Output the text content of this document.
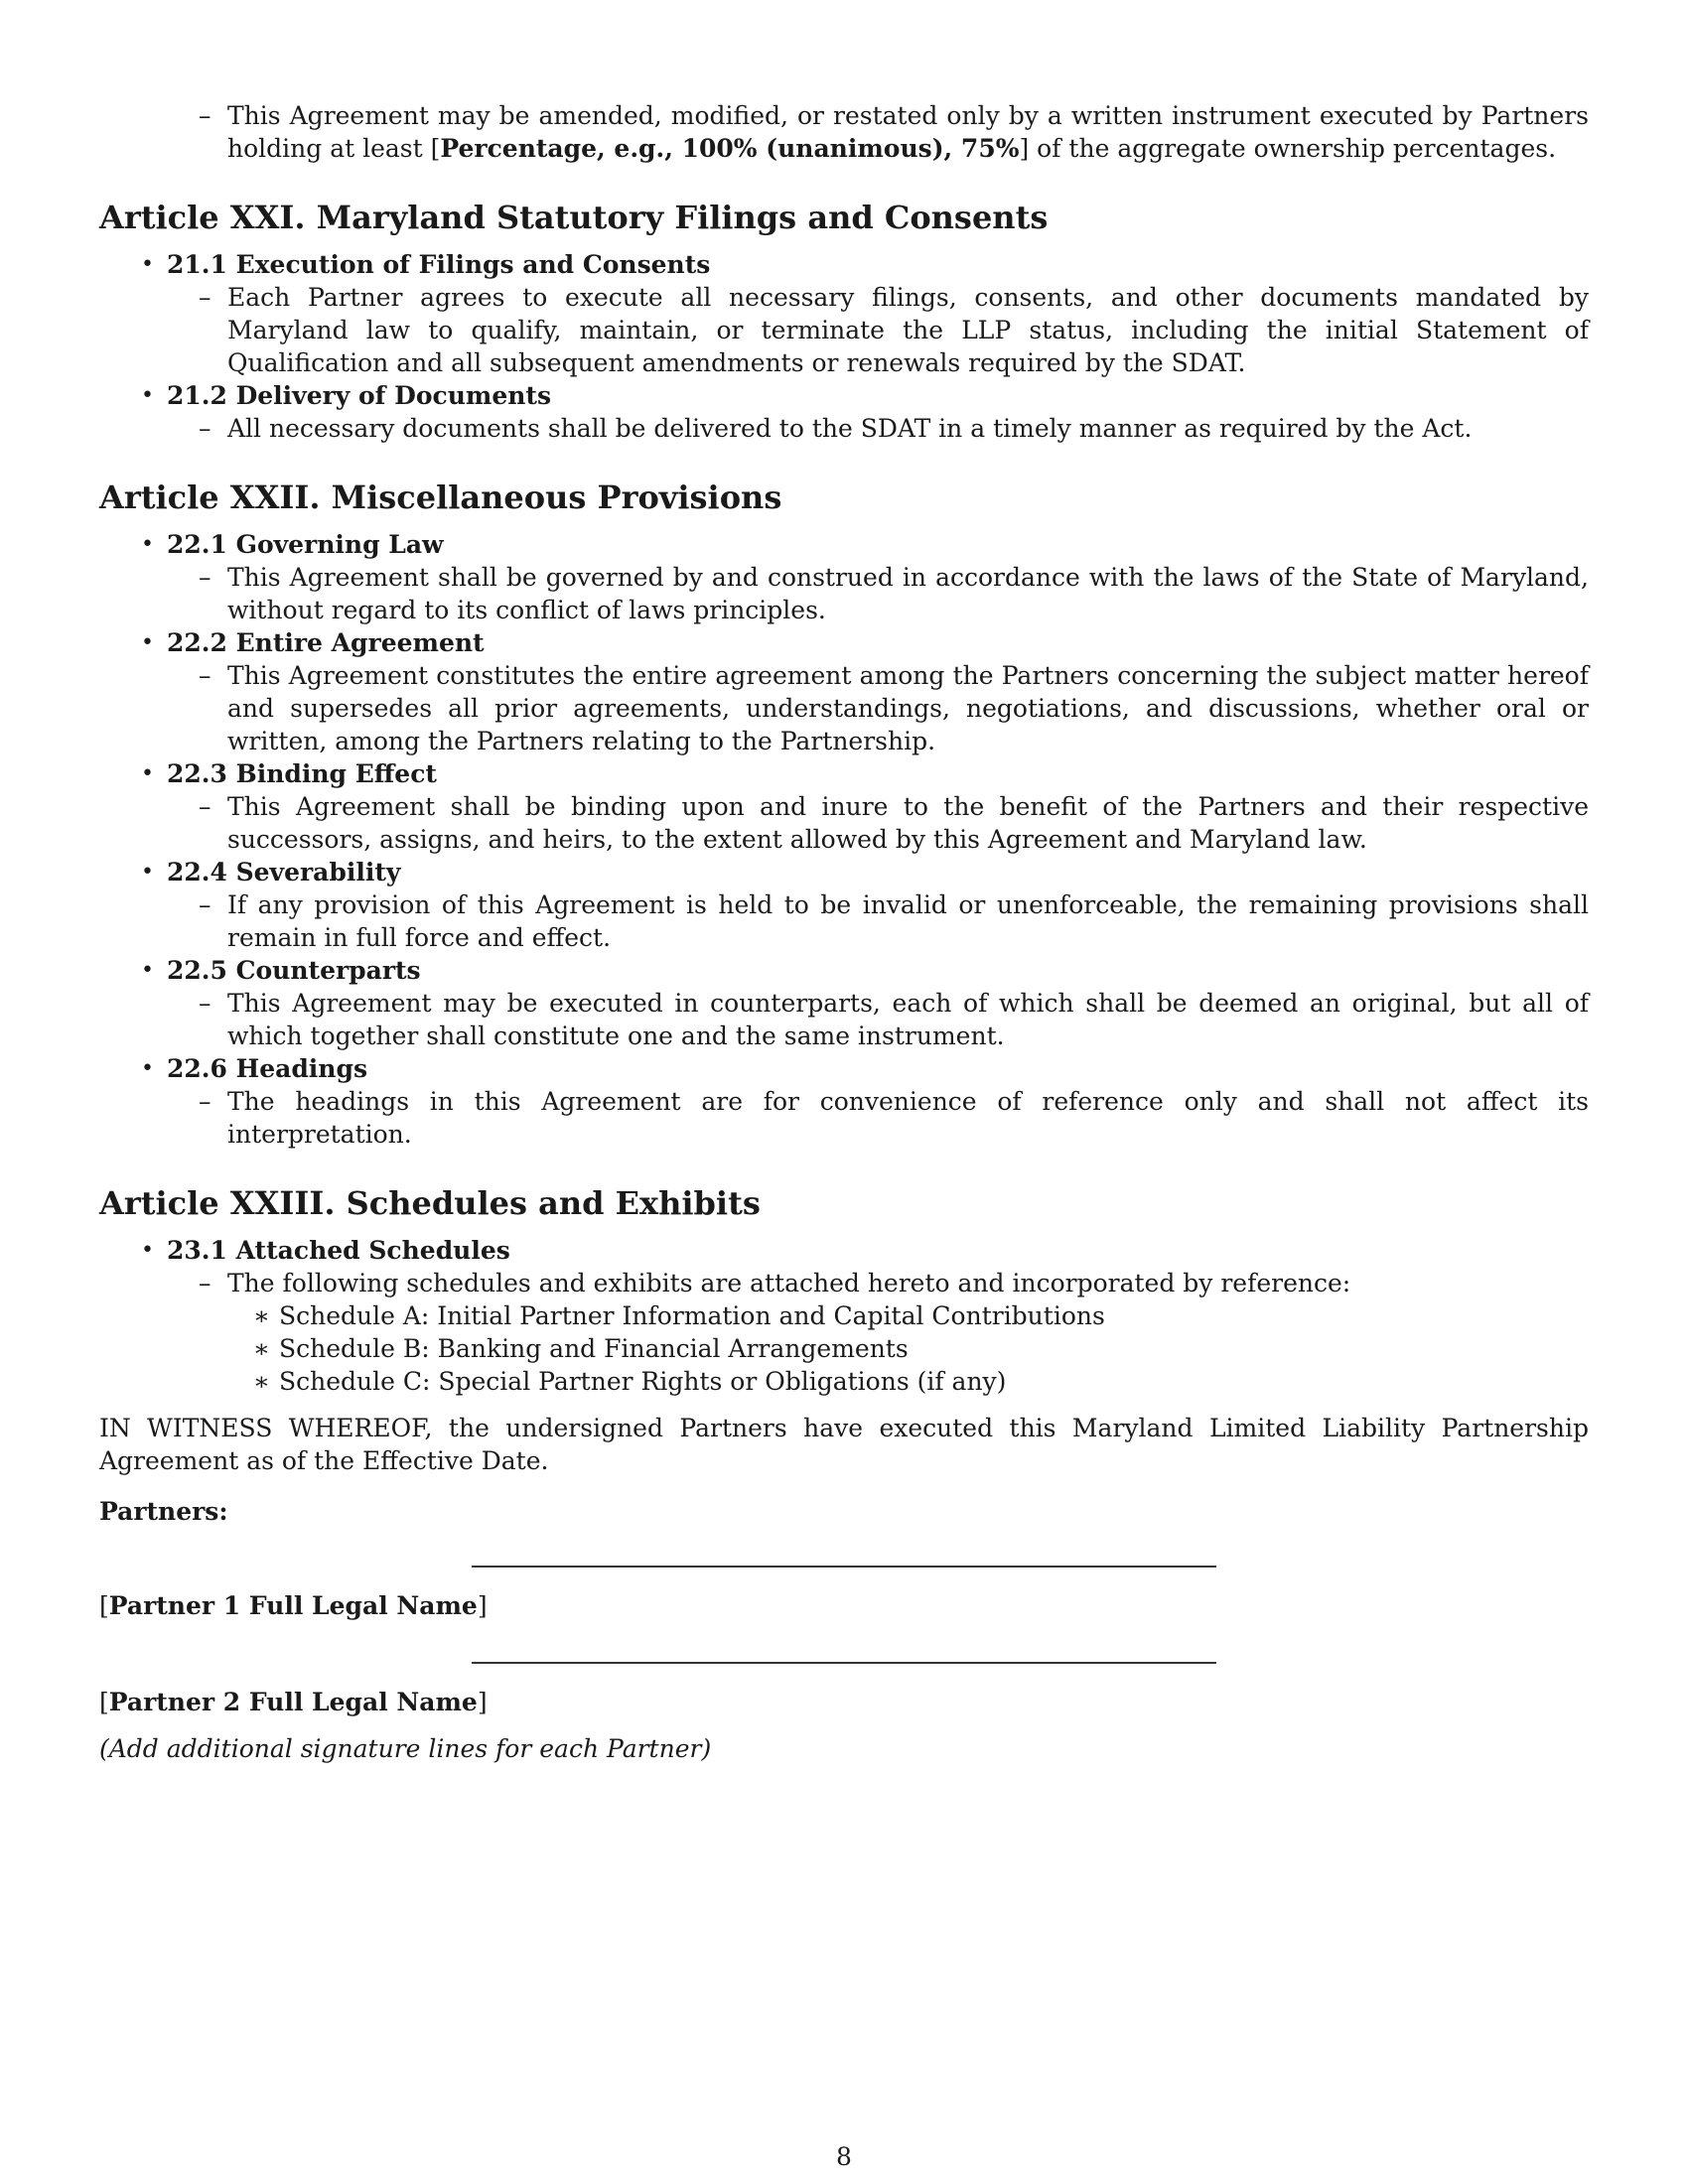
– This Agreement may be amended, modified, or restated only by a written instrument executed by Partners holding at least [Percentage, e.g., 100% (unanimous), 75%] of the aggregate ownership percentages.
Article XXI. Maryland Statutory Filings and Consents
• 21.1 Execution of Filings and Consents
– Each Partner agrees to execute all necessary filings, consents, and other documents mandated by Maryland law to qualify, maintain, or terminate the LLP status, including the initial Statement of Qualification and all subsequent amendments or renewals required by the SDAT.
• 21.2 Delivery of Documents
– All necessary documents shall be delivered to the SDAT in a timely manner as required by the Act.
Article XXII. Miscellaneous Provisions
• 22.1 Governing Law
– This Agreement shall be governed by and construed in accordance with the laws of the State of Maryland, without regard to its conflict of laws principles.
• 22.2 Entire Agreement
– This Agreement constitutes the entire agreement among the Partners concerning the subject matter hereof and supersedes all prior agreements, understandings, negotiations, and discussions, whether oral or written, among the Partners relating to the Partnership.
• 22.3 Binding Effect
– This Agreement shall be binding upon and inure to the benefit of the Partners and their respective successors, assigns, and heirs, to the extent allowed by this Agreement and Maryland law.
• 22.4 Severability
– If any provision of this Agreement is held to be invalid or unenforceable, the remaining provisions shall remain in full force and effect.
• 22.5 Counterparts
– This Agreement may be executed in counterparts, each of which shall be deemed an original, but all of which together shall constitute one and the same instrument.
• 22.6 Headings
– The headings in this Agreement are for convenience of reference only and shall not affect its interpretation.
Article XXIII. Schedules and Exhibits
• 23.1 Attached Schedules
– The following schedules and exhibits are attached hereto and incorporated by reference:
∗ Schedule A: Initial Partner Information and Capital Contributions
∗ Schedule B: Banking and Financial Arrangements
∗ Schedule C: Special Partner Rights or Obligations (if any)
IN WITNESS WHEREOF, the undersigned Partners have executed this Maryland Limited Liability Partnership Agreement as of the Effective Date.
Partners:
[Partner 1 Full Legal Name]
[Partner 2 Full Legal Name]
(Add additional signature lines for each Partner)
8
